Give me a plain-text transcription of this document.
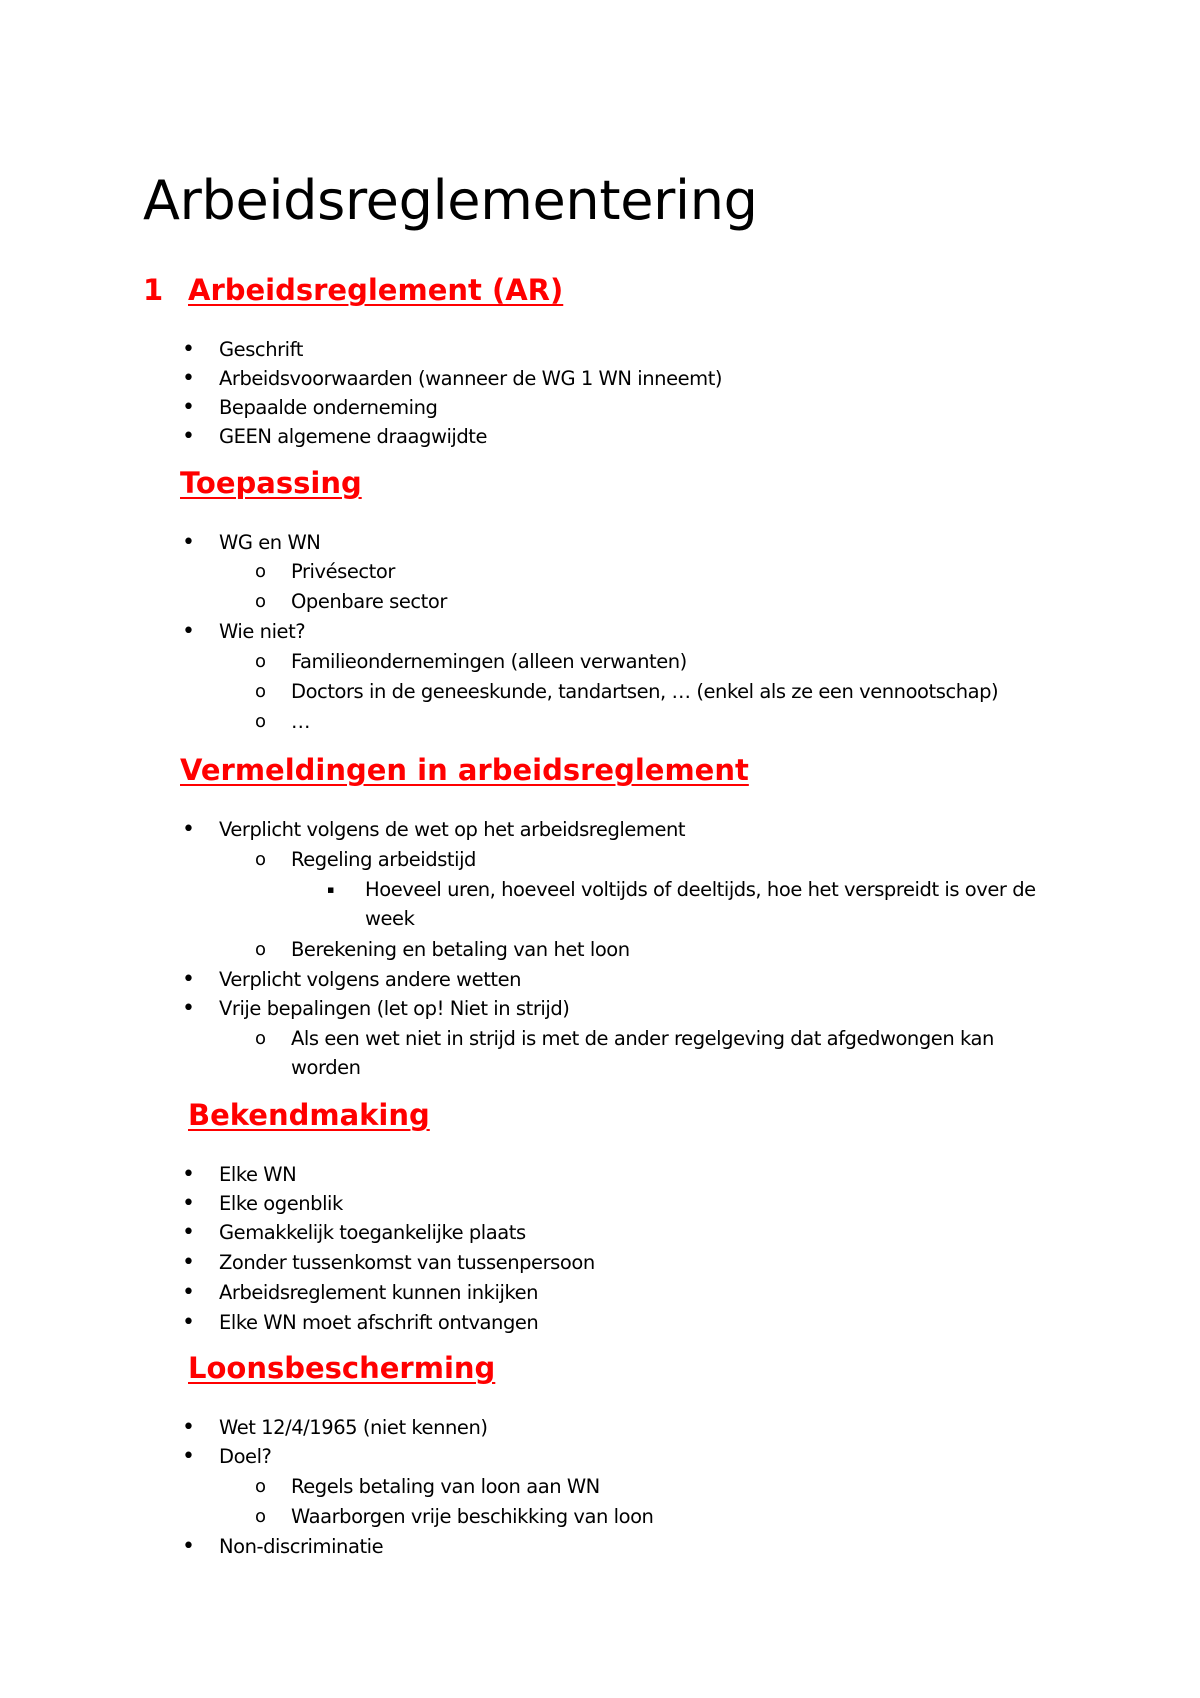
Arbeidsreglementering
1 Arbeidsreglement (AR)
• Geschrift

• Arbeidsvoorwaarden (wanneer de WG 1 WN inneemt)

• Bepaalde onderneming

• GEEN algemene draagwijdte

Toepassing
• WG en WN

o Privésector

o Openbare sector

• Wie niet?

o Familieondernemingen (alleen verwanten)

o Doctors in de geneeskunde, tandartsen, … (enkel als ze een vennootschap)

o …

Vermeldingen in arbeidsreglement
• Verplicht volgens de wet op het arbeidsreglement

o Regeling arbeidstijd

▪ Hoeveel uren, hoeveel voltijds of deeltijds, hoe het verspreidt is over de week

o Berekening en betaling van het loon

• Verplicht volgens andere wetten

• Vrije bepalingen (let op! Niet in strijd)

o Als een wet niet in strijd is met de ander regelgeving dat afgedwongen kan worden

Bekendmaking
• Elke WN

• Elke ogenblik

• Gemakkelijk toegankelijke plaats

• Zonder tussenkomst van tussenpersoon

• Arbeidsreglement kunnen inkijken

• Elke WN moet afschrift ontvangen

Loonsbescherming
• Wet 12/4/1965 (niet kennen)

• Doel?

o Regels betaling van loon aan WN

o Waarborgen vrije beschikking van loon

• Non-discriminatie
